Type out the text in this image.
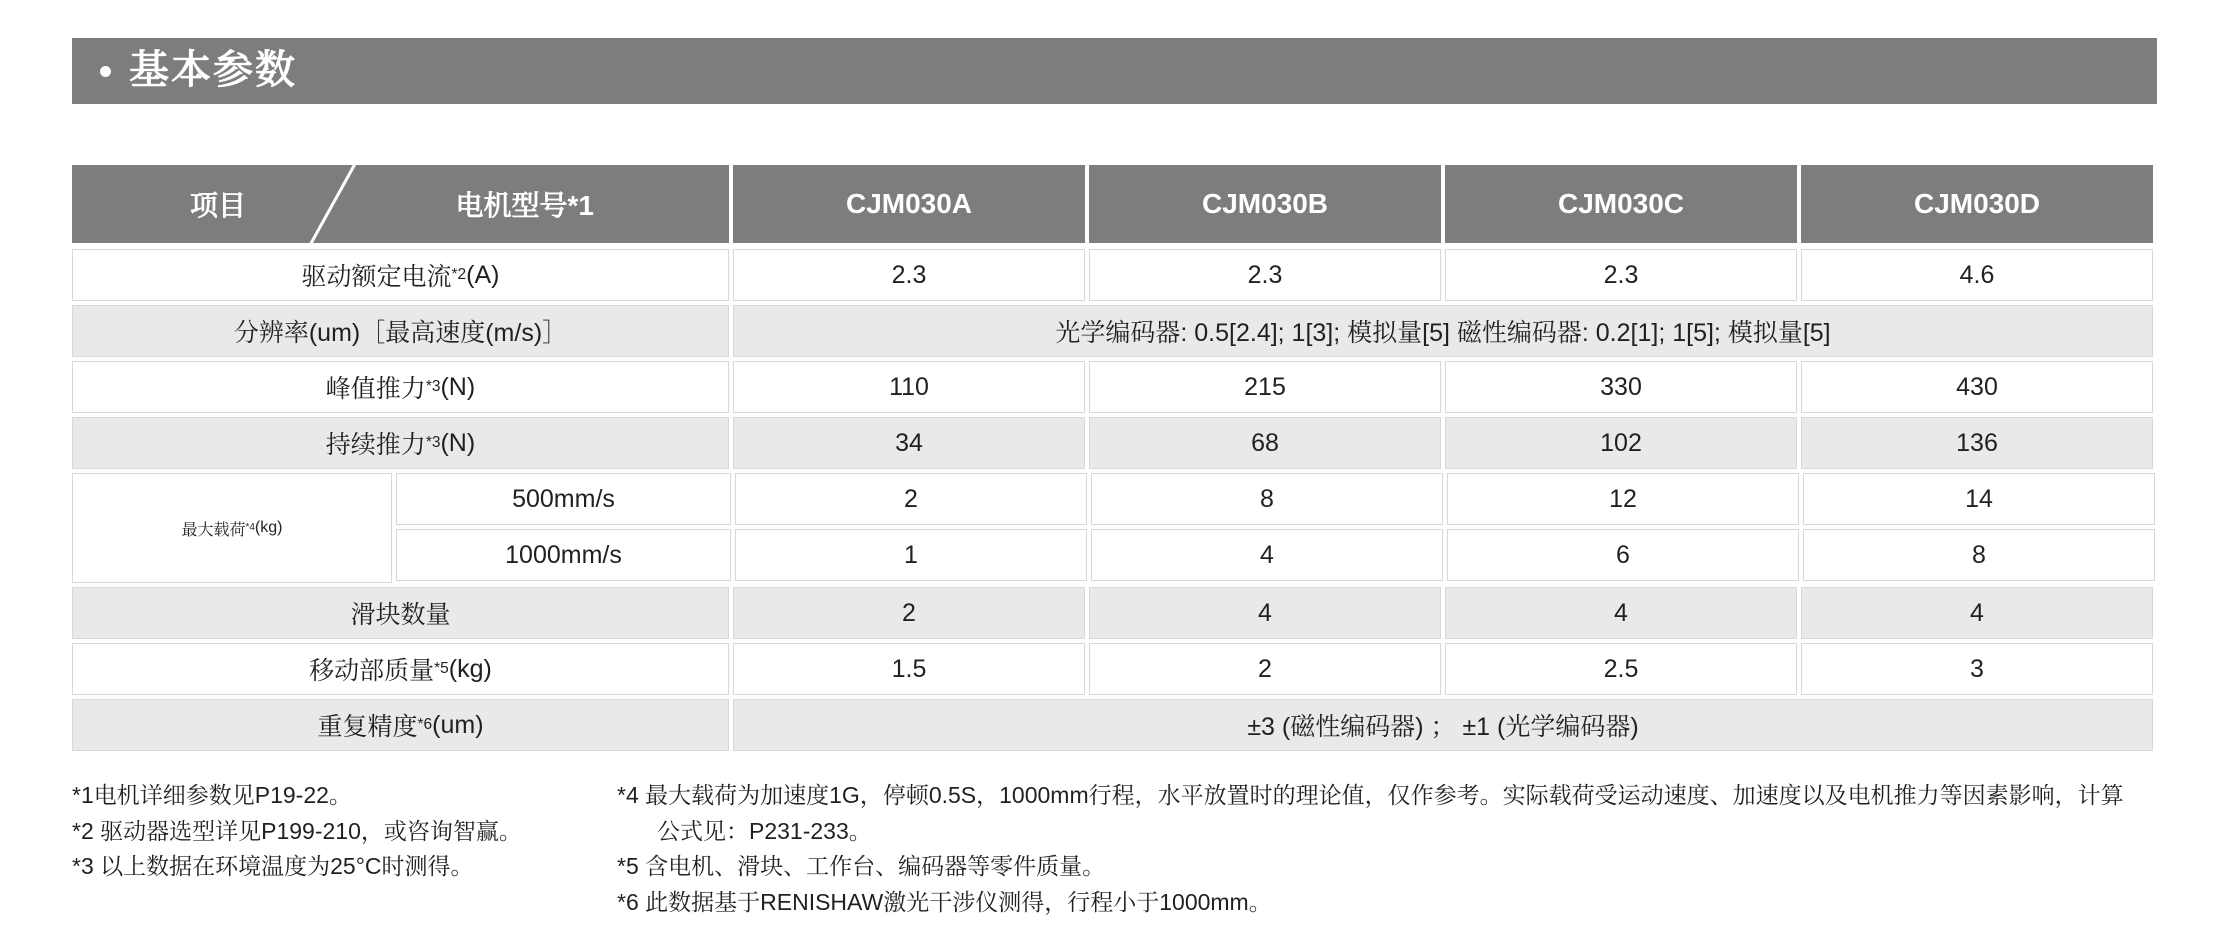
基本参数
项目	电机型号*1	CJM030A	CJM030B	CJM030C	CJM030D
驱动额定电流 *2 (A)	2.3	2.3	2.3	4.6
分辨率(um)［最高速度(m/s)］	光学编码器: 0.5[2.4]; 1[3]; 模拟量[5] 磁性编码器: 0.2[1]; 1[5]; 模拟量[5]
峰值推力 *3 (N)	110	215	330	430
持续推力 *3 (N)	34	68	102	136
最大载荷 *4 (kg)
500mm/s	2	8	12	14
1000mm/s	1	4	6	8
滑块数量	2	4	4	4
移动部质量 *5 (kg)	1.5	2	2.5	3
重复精度 *6 (um)	±3 (磁性编码器) ； ±1 (光学编码器)
*1电机详细参数见P19-22。
*2 驱动器选型详见P199-210，或咨询智赢。
*3 以上数据在环境温度为25°C时测得。
*4 最大载荷为加速度1G，停顿0.5S，1000mm行程，水平放置时的理论值，仅作参考。实际载荷受运动速度、加速度以及电机推力等因素影响，计算
公式见：P231-233。
*5 含电机、滑块、工作台、编码器等零件质量。
*6 此数据基于RENISHAW激光干涉仪测得，行程小于1000mm。
